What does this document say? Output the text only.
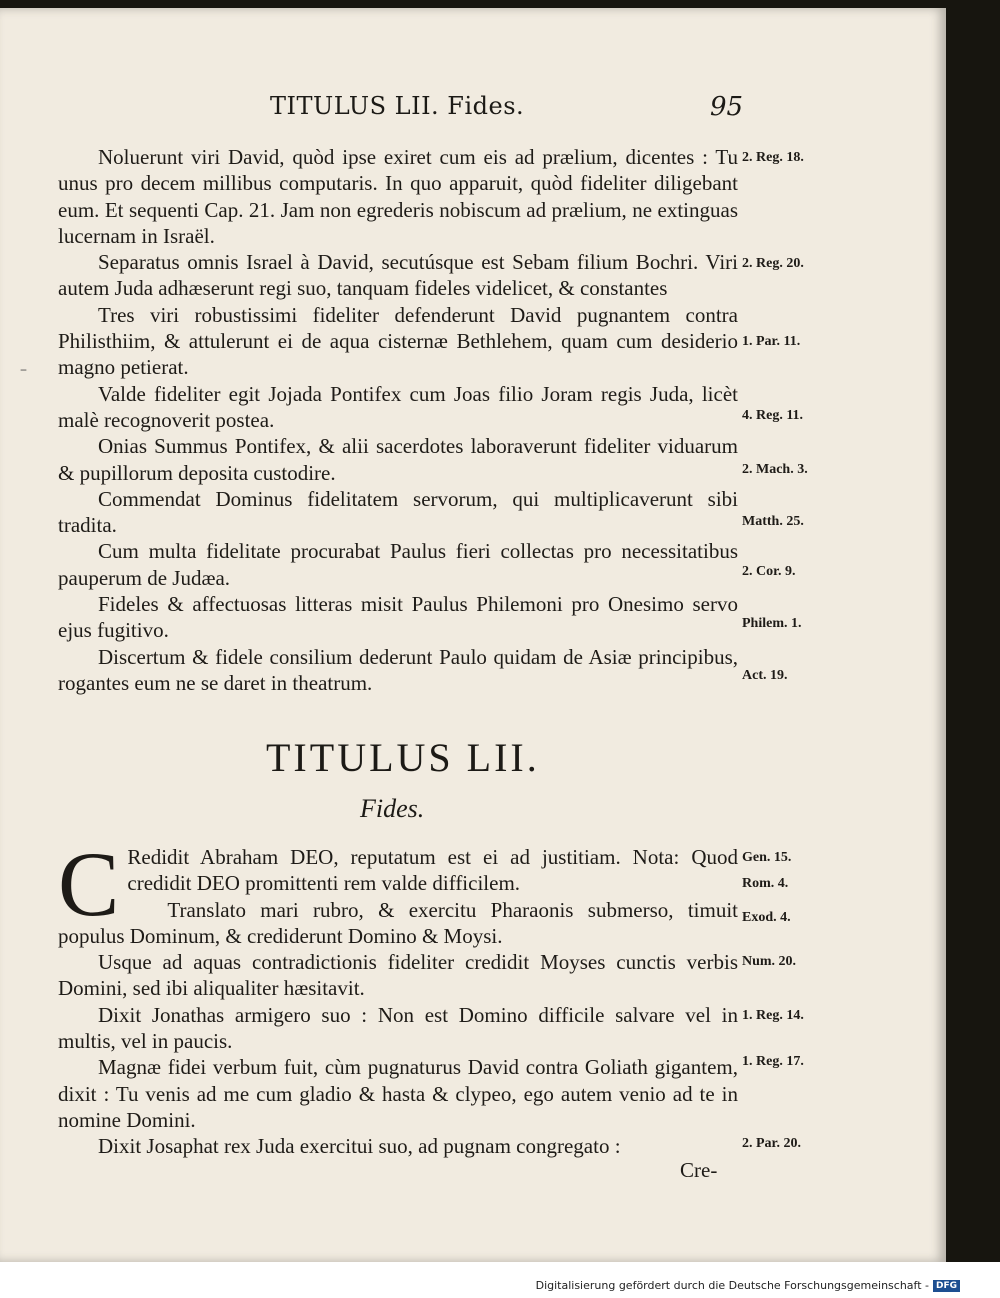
TITULUS LII. Fides.	95
–

Noluerunt viri David, quòd ipse exiret cum eis ad prælium, dicentes : Tu unus pro decem millibus computaris. In quo apparuit, quòd fideliter diligebant eum. Et sequenti Cap. 21. Jam non egrederis nobiscum ad prælium, ne extinguas lucernam in Israël.

Separatus omnis Israel à David, secutúsque est Sebam filium Bochri. Viri autem Juda adhæserunt regi suo, tanquam fideles videlicet, & constantes

Tres viri robustissimi fideliter defenderunt David pugnantem contra Philisthiim, & attulerunt ei de aqua cisternæ Bethlehem, quam cum desiderio magno petierat.

Valde fideliter egit Jojada Pontifex cum Joas filio Joram regis Juda, licèt malè recognoverit postea.

Onias Summus Pontifex, & alii sacerdotes laboraverunt fideliter viduarum & pupillorum deposita custodire.

Commendat Dominus fidelitatem servorum, qui multiplicaverunt sibi tradita.

Cum multa fidelitate procurabat Paulus fieri collectas pro necessitatibus pauperum de Judæa.

Fideles & affectuosas litteras misit Paulus Philemoni pro Onesimo servo ejus fugitivo.

Discertum & fidele consilium dederunt Paulo quidam de Asiæ principibus, rogantes eum ne se daret in theatrum.

2. Reg. 18.
2. Reg. 20.
1. Par. 11.
4. Reg. 11.
2. Mach. 3.
Matth. 25.
2. Cor. 9.
Philem. 1.
Act. 19.
TITULUS LII.
Fides.

C Redidit Abraham DEO, reputatum est ei ad justitiam. Nota: Quod credidit DEO promittenti rem valde difficilem.

Translato mari rubro, & exercitu Pharaonis submerso, timuit populus Dominum, & crediderunt Domino & Moysi.

Usque ad aquas contradictionis fideliter credidit Moyses cunctis verbis Domini, sed ibi aliqualiter hæsitavit.

Dixit Jonathas armigero suo : Non est Domino difficile salvare vel in multis, vel in paucis.

Magnæ fidei verbum fuit, cùm pugnaturus David contra Goliath gigantem, dixit : Tu venis ad me cum gladio & hasta & clypeo, ego autem venio ad te in nomine Domini.

Dixit Josaphat rex Juda exercitui suo, ad pugnam congregato :

Gen. 15.
Rom. 4.
Exod. 4.
Num. 20.
1. Reg. 14.
1. Reg. 17.
2. Par. 20.
Cre-
Digitalisierung gefördert durch die Deutsche Forschungsgemeinschaft - DFG
